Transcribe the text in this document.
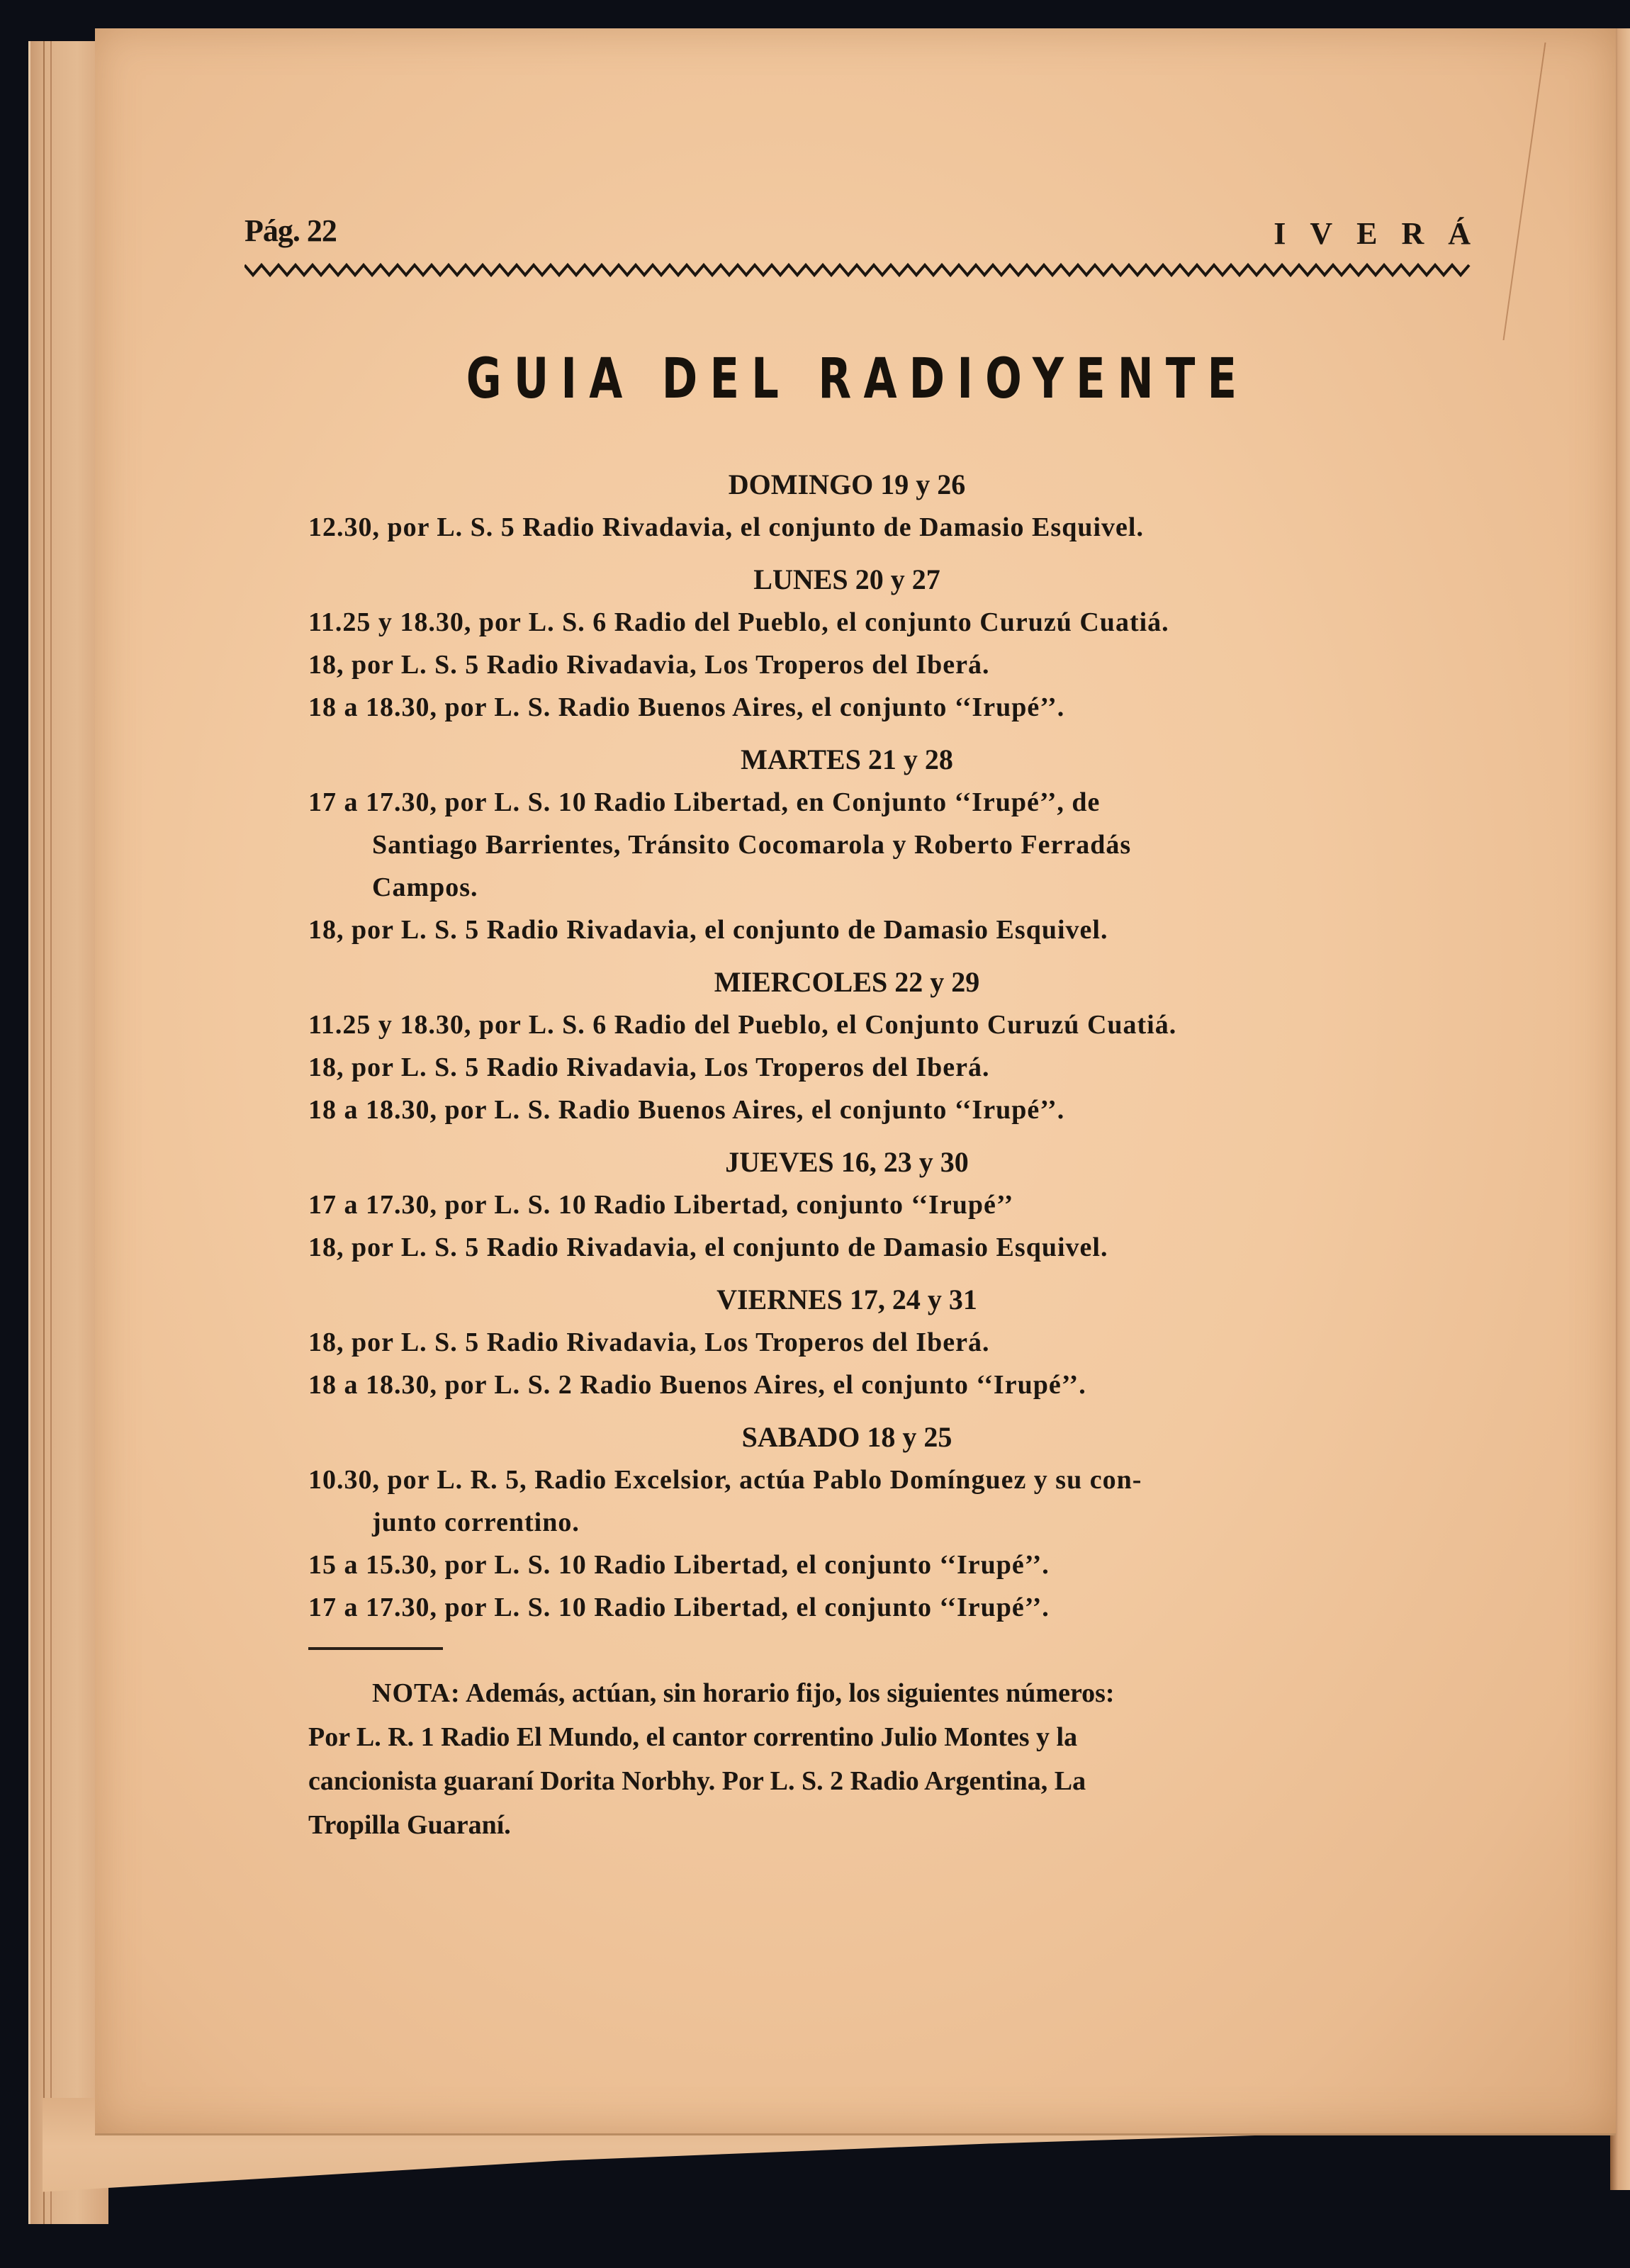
Pág. 22	IVERÁ
GUIA DEL RADIOYENTE
DOMINGO 19 y 26
12.30, por L. S. 5 Radio Rivadavia, el conjunto de Damasio Esquivel.
LUNES 20 y 27
11.25 y 18.30, por L. S. 6 Radio del Pueblo, el conjunto Curuzú Cuatiá.
18, por L. S. 5 Radio Rivadavia, Los Troperos del Iberá.
18 a 18.30, por L. S. Radio Buenos Aires, el conjunto ‘‘Irupé’’.
MARTES 21 y 28
17 a 17.30, por L. S. 10 Radio Libertad, en Conjunto ‘‘Irupé’’, de
Santiago Barrientes, Tránsito Cocomarola y Roberto Ferradás
Campos.
18, por L. S. 5 Radio Rivadavia, el conjunto de Damasio Esquivel.
MIERCOLES 22 y 29
11.25 y 18.30, por L. S. 6 Radio del Pueblo, el Conjunto Curuzú Cuatiá.
18, por L. S. 5 Radio Rivadavia, Los Troperos del Iberá.
18 a 18.30, por L. S. Radio Buenos Aires, el conjunto ‘‘Irupé’’.
JUEVES 16, 23 y 30
17 a 17.30, por L. S. 10 Radio Libertad, conjunto ‘‘Irupé’’
18, por L. S. 5 Radio Rivadavia, el conjunto de Damasio Esquivel.
VIERNES 17, 24 y 31
18, por L. S. 5 Radio Rivadavia, Los Troperos del Iberá.
18 a 18.30, por L. S. 2 Radio Buenos Aires, el conjunto ‘‘Irupé’’.
SABADO 18 y 25
10.30, por L. R. 5, Radio Excelsior, actúa Pablo Domínguez y su con-
junto correntino.
15 a 15.30, por L. S. 10 Radio Libertad, el conjunto ‘‘Irupé’’.
17 a 17.30, por L. S. 10 Radio Libertad, el conjunto ‘‘Irupé’’.
NOTA: Además, actúan, sin horario fijo, los siguientes números:
Por L. R. 1 Radio El Mundo, el cantor correntino Julio Montes y la
cancionista guaraní Dorita Norbhy. Por L. S. 2 Radio Argentina, La
Tropilla Guaraní.
